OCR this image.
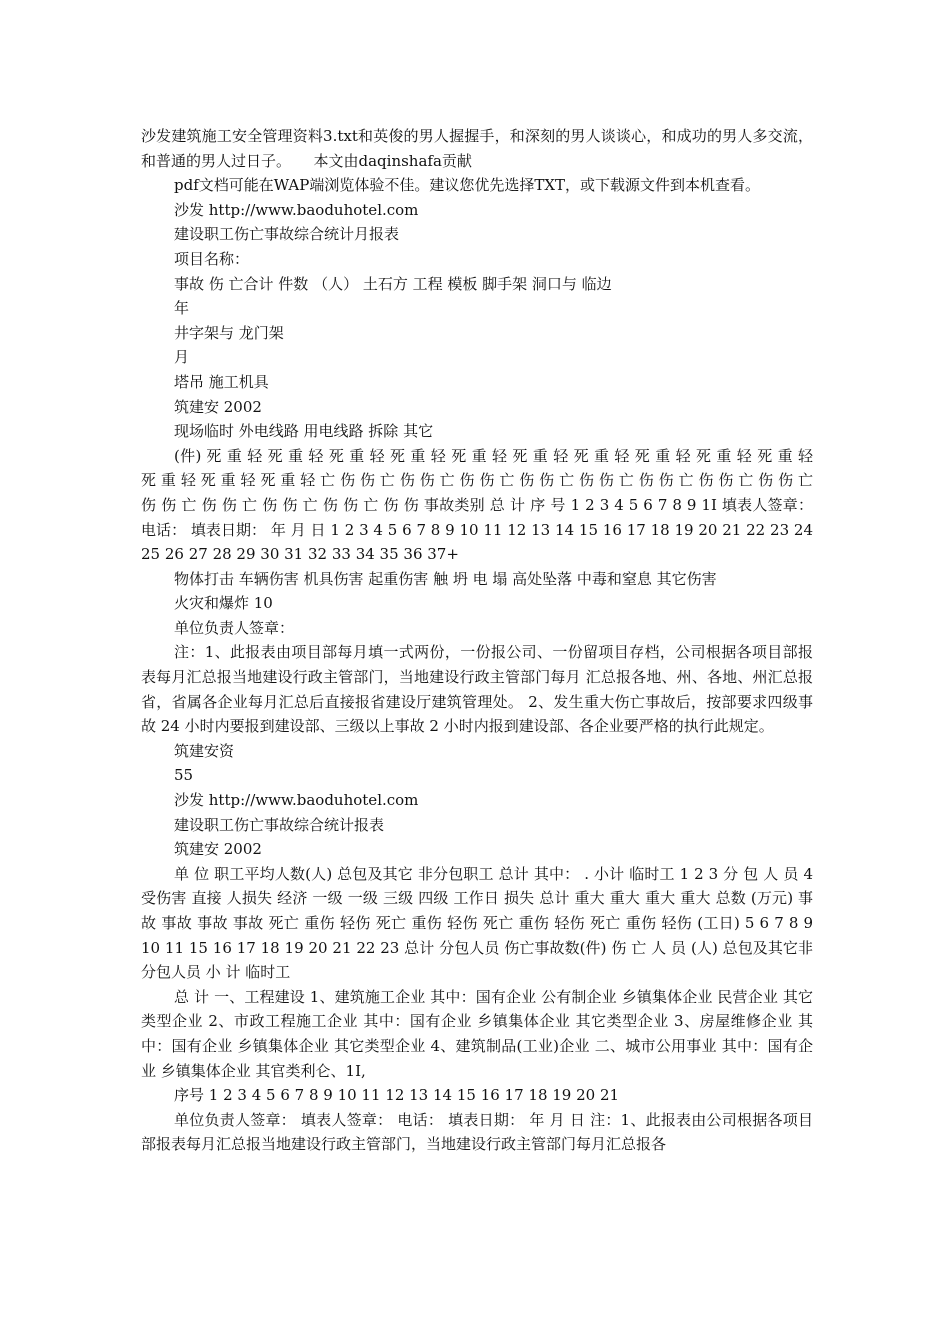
沙发建筑施工安全管理资料3.txt和英俊的男人握握手，和深刻的男人谈谈心，和成功的男人多交流，和普通的男人过日子。　　本文由daqinshafa贡献

pdf文档可能在WAP端浏览体验不佳。建议您优先选择TXT，或下载源文件到本机查看。

沙发 http://www.baoduhotel.com

建设职工伤亡事故综合统计月报表

项目名称：

事故 伤 亡合计 件数 （人） 土石方 工程 模板 脚手架 洞口与 临边

年

井字架与 龙门架

月

塔吊 施工机具

筑建安 2002

现场临时 外电线路 用电线路 拆除 其它

(件) 死 重 轻 死 重 轻 死 重 轻 死 重 轻 死 重 轻 死 重 轻 死 重 轻 死 重 轻 死 重 轻 死 重 轻 死 重 轻 死 重 轻 死 重 轻 亡 伤 伤 亡 伤 伤 亡 伤 伤 亡 伤 伤 亡 伤 伤 亡 伤 伤 亡 伤 伤 亡 伤 伤 亡 伤 伤 亡 伤 伤 亡 伤 伤 亡 伤 伤 亡 伤 伤 事故类别 总 计 序 号 1 2 3 4 5 6 7 8 9 1I 填表人签章： 电话： 填表日期： 年 月 日 1 2 3 4 5 6 7 8 9 10 11 12 13 14 15 16 17 18 19 20 21 22 23 24 25 26 27 28 29 30 31 32 33 34 35 36 37+

物体打击 车辆伤害 机具伤害 起重伤害 触 坍 电 塌 高处坠落 中毒和窒息 其它伤害

火灾和爆炸 10

单位负责人签章：

注：1、此报表由项目部每月填一式两份，一份报公司、一份留项目存档，公司根据各项目部报表每月汇总报当地建设行政主管部门，当地建设行政主管部门每月 汇总报各地、州、各地、州汇总报省，省属各企业每月汇总后直接报省建设厅建筑管理处。 2、发生重大伤亡事故后，按部要求四级事故 24 小时内要报到建设部、三级以上事故 2 小时内报到建设部、各企业要严格的执行此规定。

筑建安资

55

沙发 http://www.baoduhotel.com

建设职工伤亡事故综合统计报表

筑建安 2002

单 位 职工平均人数(人) 总包及其它 非分包职工 总计 其中： . 小计 临时工 1 2 3 分 包 人 员 4 受伤害 直接 人损失 经济 一级 一级 三级 四级 工作日 损失 总计 重大 重大 重大 重大 总数 (万元) 事故 事故 事故 事故 死亡 重伤 轻伤 死亡 重伤 轻伤 死亡 重伤 轻伤 死亡 重伤 轻伤 (工日) 5 6 7 8 9 10 11 15 16 17 18 19 20 21 22 23 总计 分包人员 伤亡事故数(件) 伤 亡 人 员 (人) 总包及其它非分包人员 小 计 临时工

总 计 一、工程建设 1、建筑施工企业 其中：国有企业 公有制企业 乡镇集体企业 民营企业 其它类型企业 2、市政工程施工企业 其中：国有企业 乡镇集体企业 其它类型企业 3、房屋维修企业 其中：国有企业 乡镇集体企业 其它类型企业 4、建筑制品(工业)企业 二、城市公用事业 其中：国有企业 乡镇集体企业 其官类利仑、1I,

序号 1 2 3 4 5 6 7 8 9 10 11 12 13 14 15 16 17 18 19 20 21

单位负责人签章： 填表人签章： 电话： 填表日期： 年 月 日 注：1、此报表由公司根据各项目部报表每月汇总报当地建设行政主管部门，当地建设行政主管部门每月汇总报各
